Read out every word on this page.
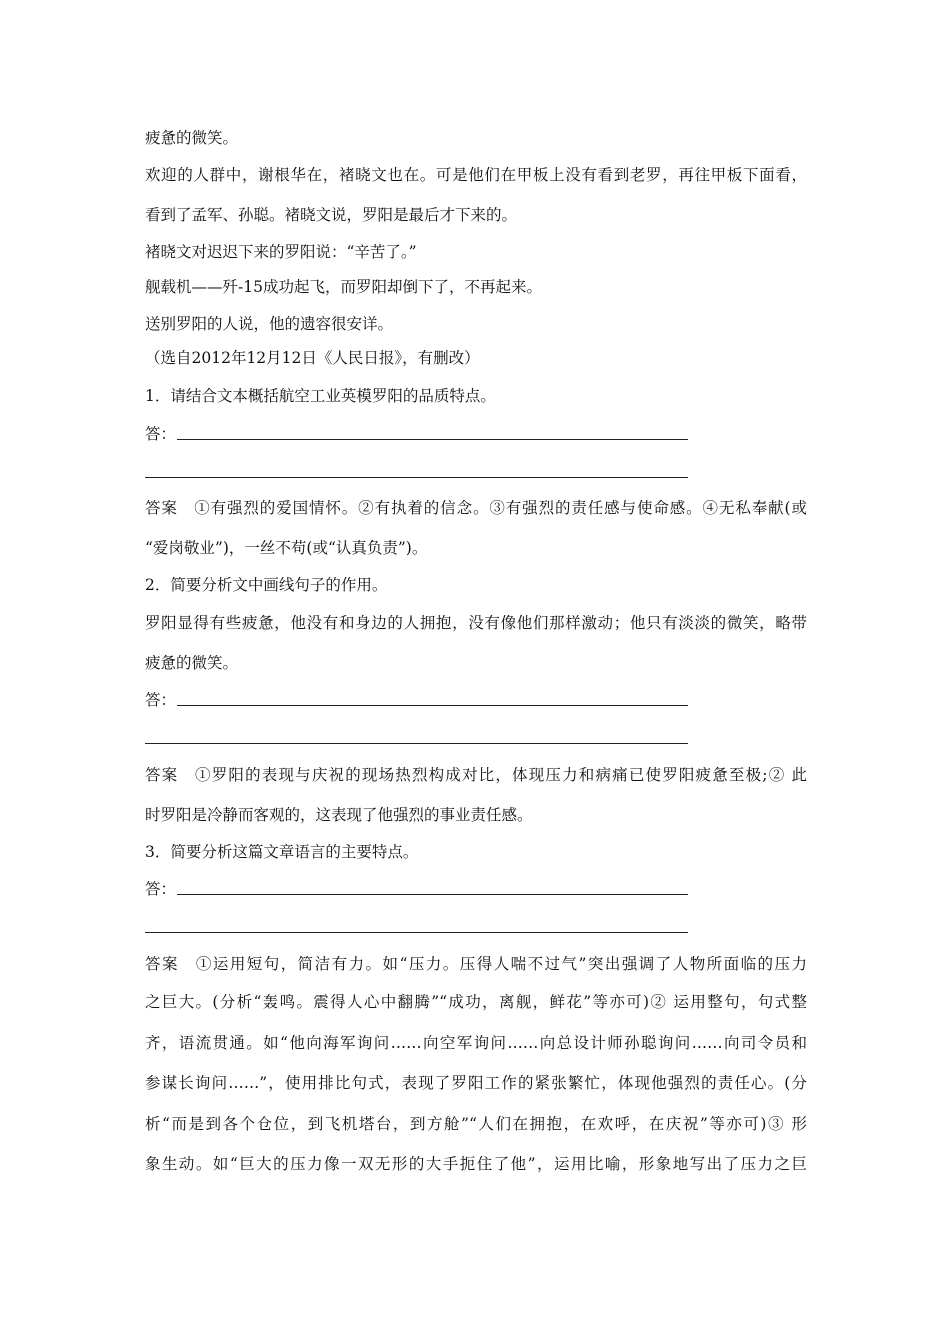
疲惫的微笑。
欢迎的人群中，谢根华在，褚晓文也在。可是他们在甲板上没有看到老罗，再往甲板下面看，
看到了孟军、孙聪。褚晓文说，罗阳是最后才下来的。
褚晓文对迟迟下来的罗阳说：“辛苦了。”
舰载机——歼-15成功起飞，而罗阳却倒下了，不再起来。
送别罗阳的人说，他的遗容很安详。
（选自2012年12月12日《人民日报》，有删改）
1．请结合文本概括航空工业英模罗阳的品质特点。
答：
答案　①有强烈的爱国情怀。②有执着的信念。③有强烈的责任感与使命感。④无私奉献(或
“爱岗敬业”)，一丝不苟(或“认真负责”)。
2．简要分析文中画线句子的作用。
罗阳显得有些疲惫，他没有和身边的人拥抱，没有像他们那样激动；他只有淡淡的微笑，略带
疲惫的微笑。
答：
答案　①罗阳的表现与庆祝的现场热烈构成对比，体现压力和病痛已使罗阳疲惫至极;② 此
时罗阳是冷静而客观的，这表现了他强烈的事业责任感。
3．简要分析这篇文章语言的主要特点。
答：
答案　①运用短句，简洁有力。如“压力。压得人喘不过气”突出强调了人物所面临的压力
之巨大。(分析“轰鸣。震得人心中翻腾”“成功，离舰，鲜花”等亦可)② 运用整句，句式整
齐，语流贯通。如“他向海军询问……向空军询问……向总设计师孙聪询问……向司令员和
参谋长询问……”，使用排比句式，表现了罗阳工作的紧张繁忙，体现他强烈的责任心。(分
析“而是到各个仓位，到飞机塔台，到方舱”“人们在拥抱，在欢呼，在庆祝”等亦可)③ 形
象生动。如“巨大的压力像一双无形的大手扼住了他”，运用比喻，形象地写出了压力之巨
